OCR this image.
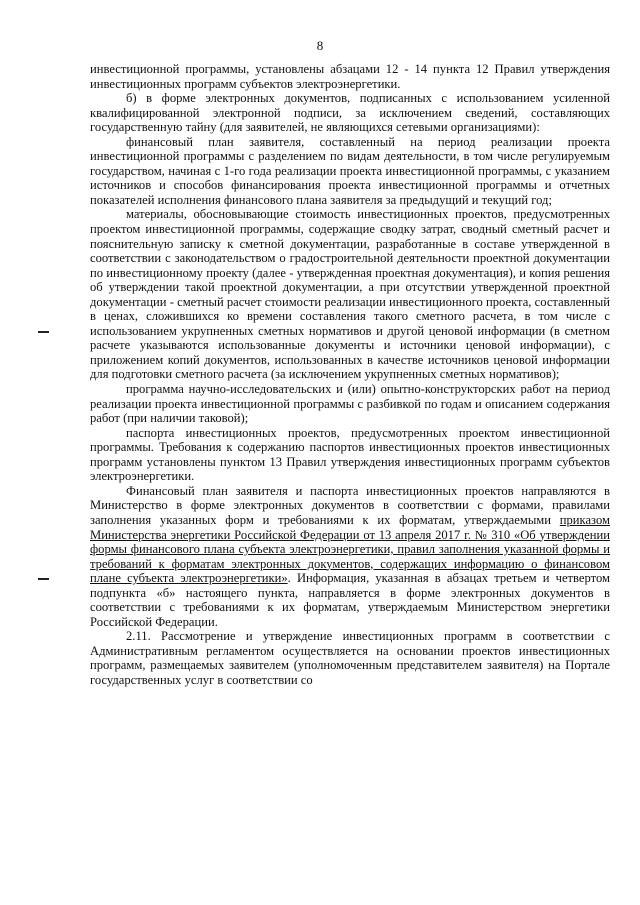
8

инвестиционной программы, установлены абзацами 12 - 14 пункта 12 Правил утверждения инвестиционных программ субъектов электроэнергетики.

б) в форме электронных документов, подписанных с использованием усиленной квалифицированной электронной подписи, за исключением сведений, составляющих государственную тайну (для заявителей, не являющихся сетевыми организациями):

финансовый план заявителя, составленный на период реализации проекта инвестиционной программы с разделением по видам деятельности, в том числе регулируемым государством, начиная с 1-го года реализации проекта инвестиционной программы, с указанием источников и способов финансирования проекта инвестиционной программы и отчетных показателей исполнения финансового плана заявителя за предыдущий и текущий год;

материалы, обосновывающие стоимость инвестиционных проектов, предусмотренных проектом инвестиционной программы, содержащие сводку затрат, сводный сметный расчет и пояснительную записку к сметной документации, разработанные в составе утвержденной в соответствии с законодательством о градостроительной деятельности проектной документации по инвестиционному проекту (далее - утвержденная проектная документация), и копия решения об утверждении такой проектной документации, а при отсутствии утвержденной проектной документации - сметный расчет стоимости реализации инвестиционного проекта, составленный в ценах, сложившихся ко времени составления такого сметного расчета, в том числе с использованием укрупненных сметных нормативов и другой ценовой информации (в сметном расчете указываются использованные документы и источники ценовой информации), с приложением копий документов, использованных в качестве источников ценовой информации для подготовки сметного расчета (за исключением укрупненных сметных нормативов);

программа научно-исследовательских и (или) опытно-конструкторских работ на период реализации проекта инвестиционной программы с разбивкой по годам и описанием содержания работ (при наличии таковой);

паспорта инвестиционных проектов, предусмотренных проектом инвестиционной программы. Требования к содержанию паспортов инвестиционных проектов инвестиционных программ установлены пунктом 13 Правил утверждения инвестиционных программ субъектов электроэнергетики.

Финансовый план заявителя и паспорта инвестиционных проектов направляются в Министерство в форме электронных документов в соответствии с формами, правилами заполнения указанных форм и требованиями к их форматам, утверждаемыми приказом Министерства энергетики Российской Федерации от 13 апреля 2017 г. № 310 «Об утверждении формы финансового плана субъекта электроэнергетики, правил заполнения указанной формы и требований к форматам электронных документов, содержащих информацию о финансовом плане субъекта электроэнергетики». Информация, указанная в абзацах третьем и четвертом подпункта «б» настоящего пункта, направляется в форме электронных документов в соответствии с требованиями к их форматам, утверждаемым Министерством энергетики Российской Федерации.

2.11. Рассмотрение и утверждение инвестиционных программ в соответствии с Административным регламентом осуществляется на основании проектов инвестиционных программ, размещаемых заявителем (уполномоченным представителем заявителя) на Портале государственных услуг в соответствии со
